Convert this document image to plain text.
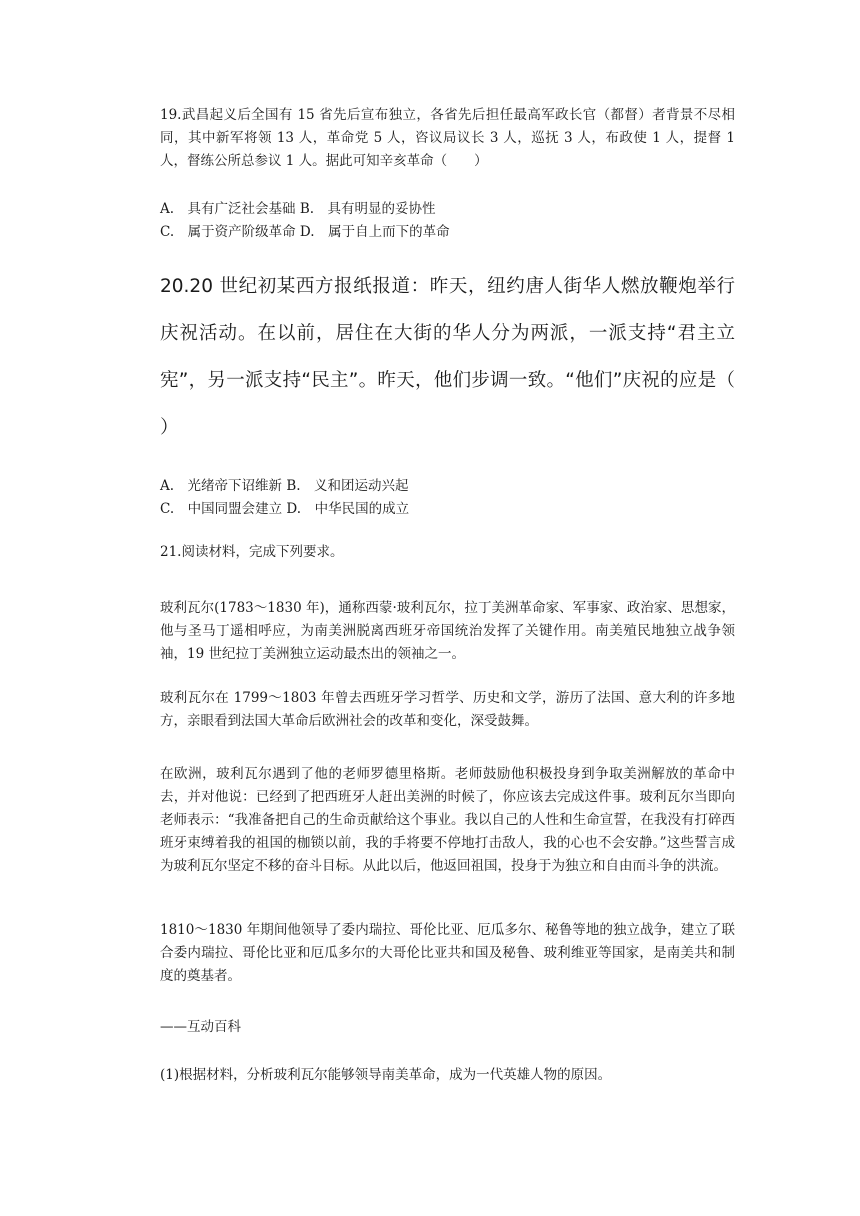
19.武昌起义后全国有 15 省先后宣布独立，各省先后担任最高军政长官（都督）者背景不尽相同，其中新军将领 13 人，革命党 5 人，咨议局议长 3 人，巡抚 3 人，布政使 1 人，提督 1 人，督练公所总参议 1 人。据此可知辛亥革命（　　）

A.　具有广泛社会基础 B.　具有明显的妥协性

C.　属于资产阶级革命 D.　属于自上而下的革命

20.20 世纪初某西方报纸报道：昨天，纽约唐人街华人燃放鞭炮举行庆祝活动。在以前，居住在大街的华人分为两派，一派支持“君主立宪”，另一派支持“民主”。昨天，他们步调一致。“他们”庆祝的应是（　　）

A.　光绪帝下诏维新 B.　义和团运动兴起

C.　中国同盟会建立 D.　中华民国的成立

21.阅读材料，完成下列要求。

玻利瓦尔(1783～1830 年)，通称西蒙·玻利瓦尔，拉丁美洲革命家、军事家、政治家、思想家，他与圣马丁遥相呼应，为南美洲脱离西班牙帝国统治发挥了关键作用。南美殖民地独立战争领袖，19 世纪拉丁美洲独立运动最杰出的领袖之一。

玻利瓦尔在 1799～1803 年曾去西班牙学习哲学、历史和文学，游历了法国、意大利的许多地方，亲眼看到法国大革命后欧洲社会的改革和变化，深受鼓舞。

在欧洲，玻利瓦尔遇到了他的老师罗德里格斯。老师鼓励他积极投身到争取美洲解放的革命中去，并对他说：已经到了把西班牙人赶出美洲的时候了，你应该去完成这件事。玻利瓦尔当即向老师表示：“我准备把自己的生命贡献给这个事业。我以自己的人性和生命宣誓，在我没有打碎西班牙束缚着我的祖国的枷锁以前，我的手将要不停地打击敌人，我的心也不会安静。”这些誓言成为玻利瓦尔坚定不移的奋斗目标。从此以后，他返回祖国，投身于为独立和自由而斗争的洪流。

1810～1830 年期间他领导了委内瑞拉、哥伦比亚、厄瓜多尔、秘鲁等地的独立战争，建立了联合委内瑞拉、哥伦比亚和厄瓜多尔的大哥伦比亚共和国及秘鲁、玻利维亚等国家，是南美共和制度的奠基者。

——互动百科

(1)根据材料，分析玻利瓦尔能够领导南美革命，成为一代英雄人物的原因。
